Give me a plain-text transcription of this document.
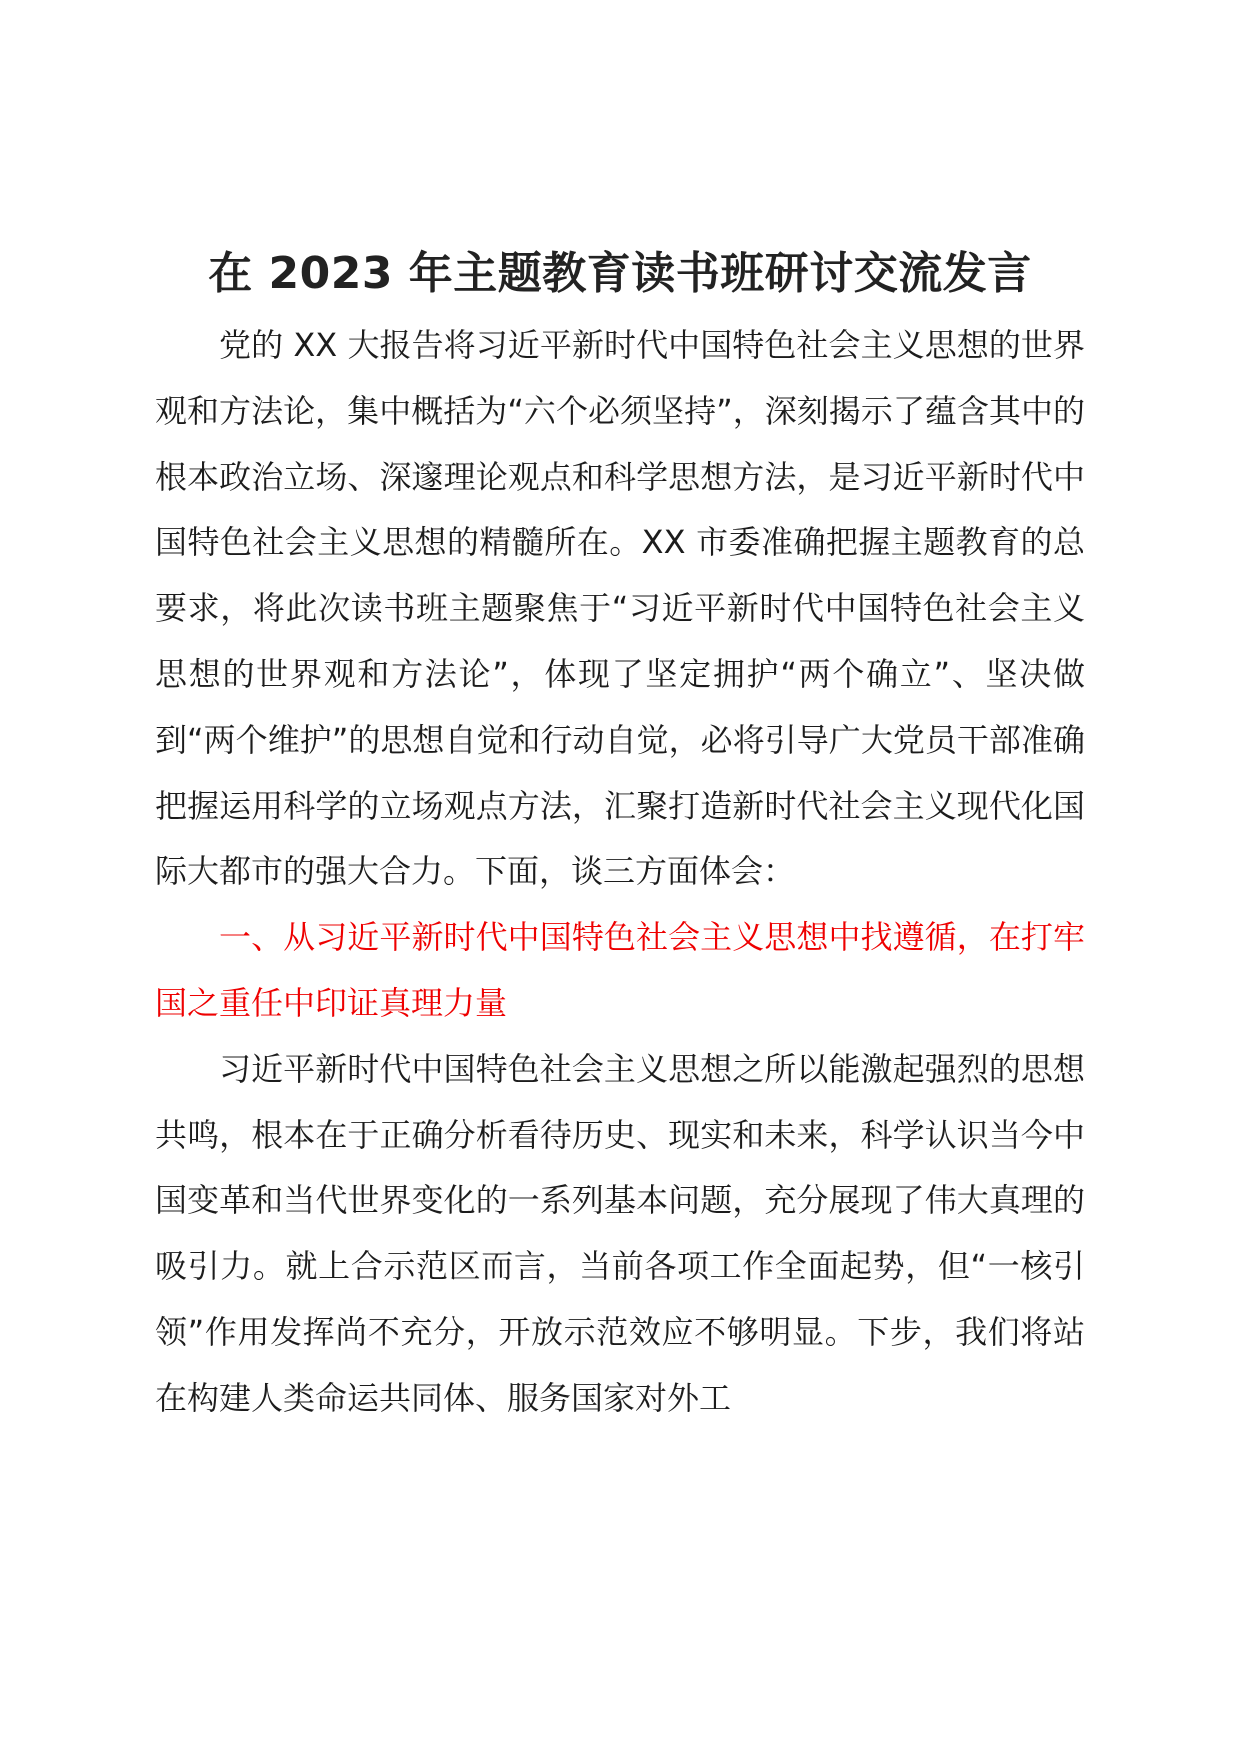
在 2023 年主题教育读书班研讨交流发言

党的 XX 大报告将习近平新时代中国特色社会主义思想的世界观和方法论，集中概括为“六个必须坚持”，深刻揭示了蕴含其中的根本政治立场、深邃理论观点和科学思想方法，是习近平新时代中国特色社会主义思想的精髓所在。XX 市委准确把握主题教育的总要求，将此次读书班主题聚焦于“习近平新时代中国特色社会主义思想的世界观和方法论”，体现了坚定拥护“两个确立”、坚决做到“两个维护”的思想自觉和行动自觉，必将引导广大党员干部准确把握运用科学的立场观点方法，汇聚打造新时代社会主义现代化国际大都市的强大合力。下面，谈三方面体会：

一、从习近平新时代中国特色社会主义思想中找遵循，在打牢国之重任中印证真理力量

习近平新时代中国特色社会主义思想之所以能激起强烈的思想共鸣，根本在于正确分析看待历史、现实和未来，科学认识当今中国变革和当代世界变化的一系列基本问题，充分展现了伟大真理的吸引力。就上合示范区而言，当前各项工作全面起势，但“一核引领”作用发挥尚不充分，开放示范效应不够明显。下步，我们将站在构建人类命运共同体、服务国家对外工
